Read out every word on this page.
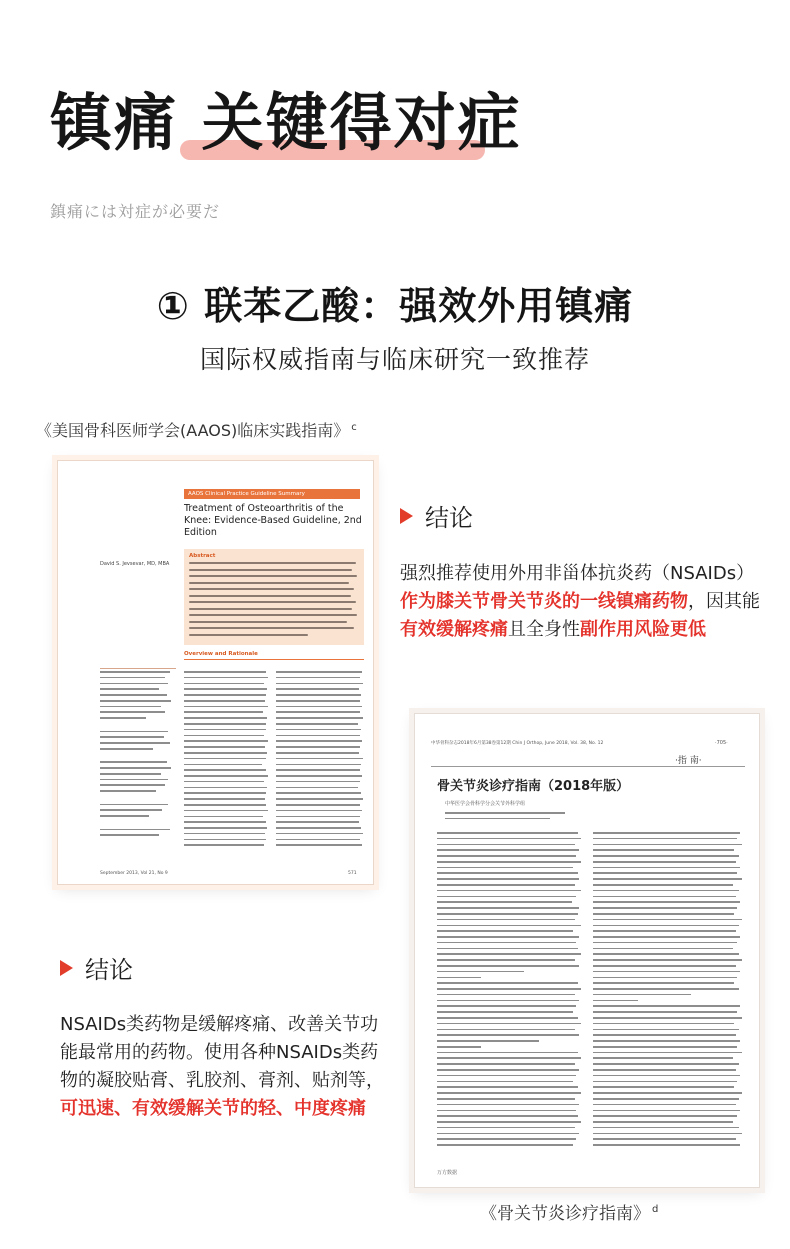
镇痛 关键得对症
鎮痛には対症が必要だ
① 联苯乙酸：强效外用镇痛
国际权威指南与临床研究一致推荐
《美国骨科医师学会(AAOS)临床实践指南》 $^c$
AAOS Clinical Practice Guideline Summary
Treatment of Osteoarthritis of the Knee: Evidence-Based Guideline, 2nd Edition
David S. Jevsevar, MD, MBA
Abstract
Overview and Rationale
September 2013, Vol 21, No 9	571
结论

强烈推荐使用外用非甾体抗炎药（NSAIDs）作为膝关节骨关节炎的一线镇痛药物，因其能有效缓解疼痛且全身性副作用风险更低

中华骨科杂志2018年6月第38卷第12期 Chin J Orthop, June 2018, Vol. 38, No. 12	·705·
·指 南·
骨关节炎诊疗指南（2018年版）
中华医学会骨科学分会关节外科学组
万方数据
结论

NSAIDs类药物是缓解疼痛、改善关节功能最常用的药物。使用各种NSAIDs类药物的凝胶贴膏、乳胶剂、膏剂、贴剂等，可迅速、有效缓解关节的轻、中度疼痛

《骨关节炎诊疗指南》 $^d$
